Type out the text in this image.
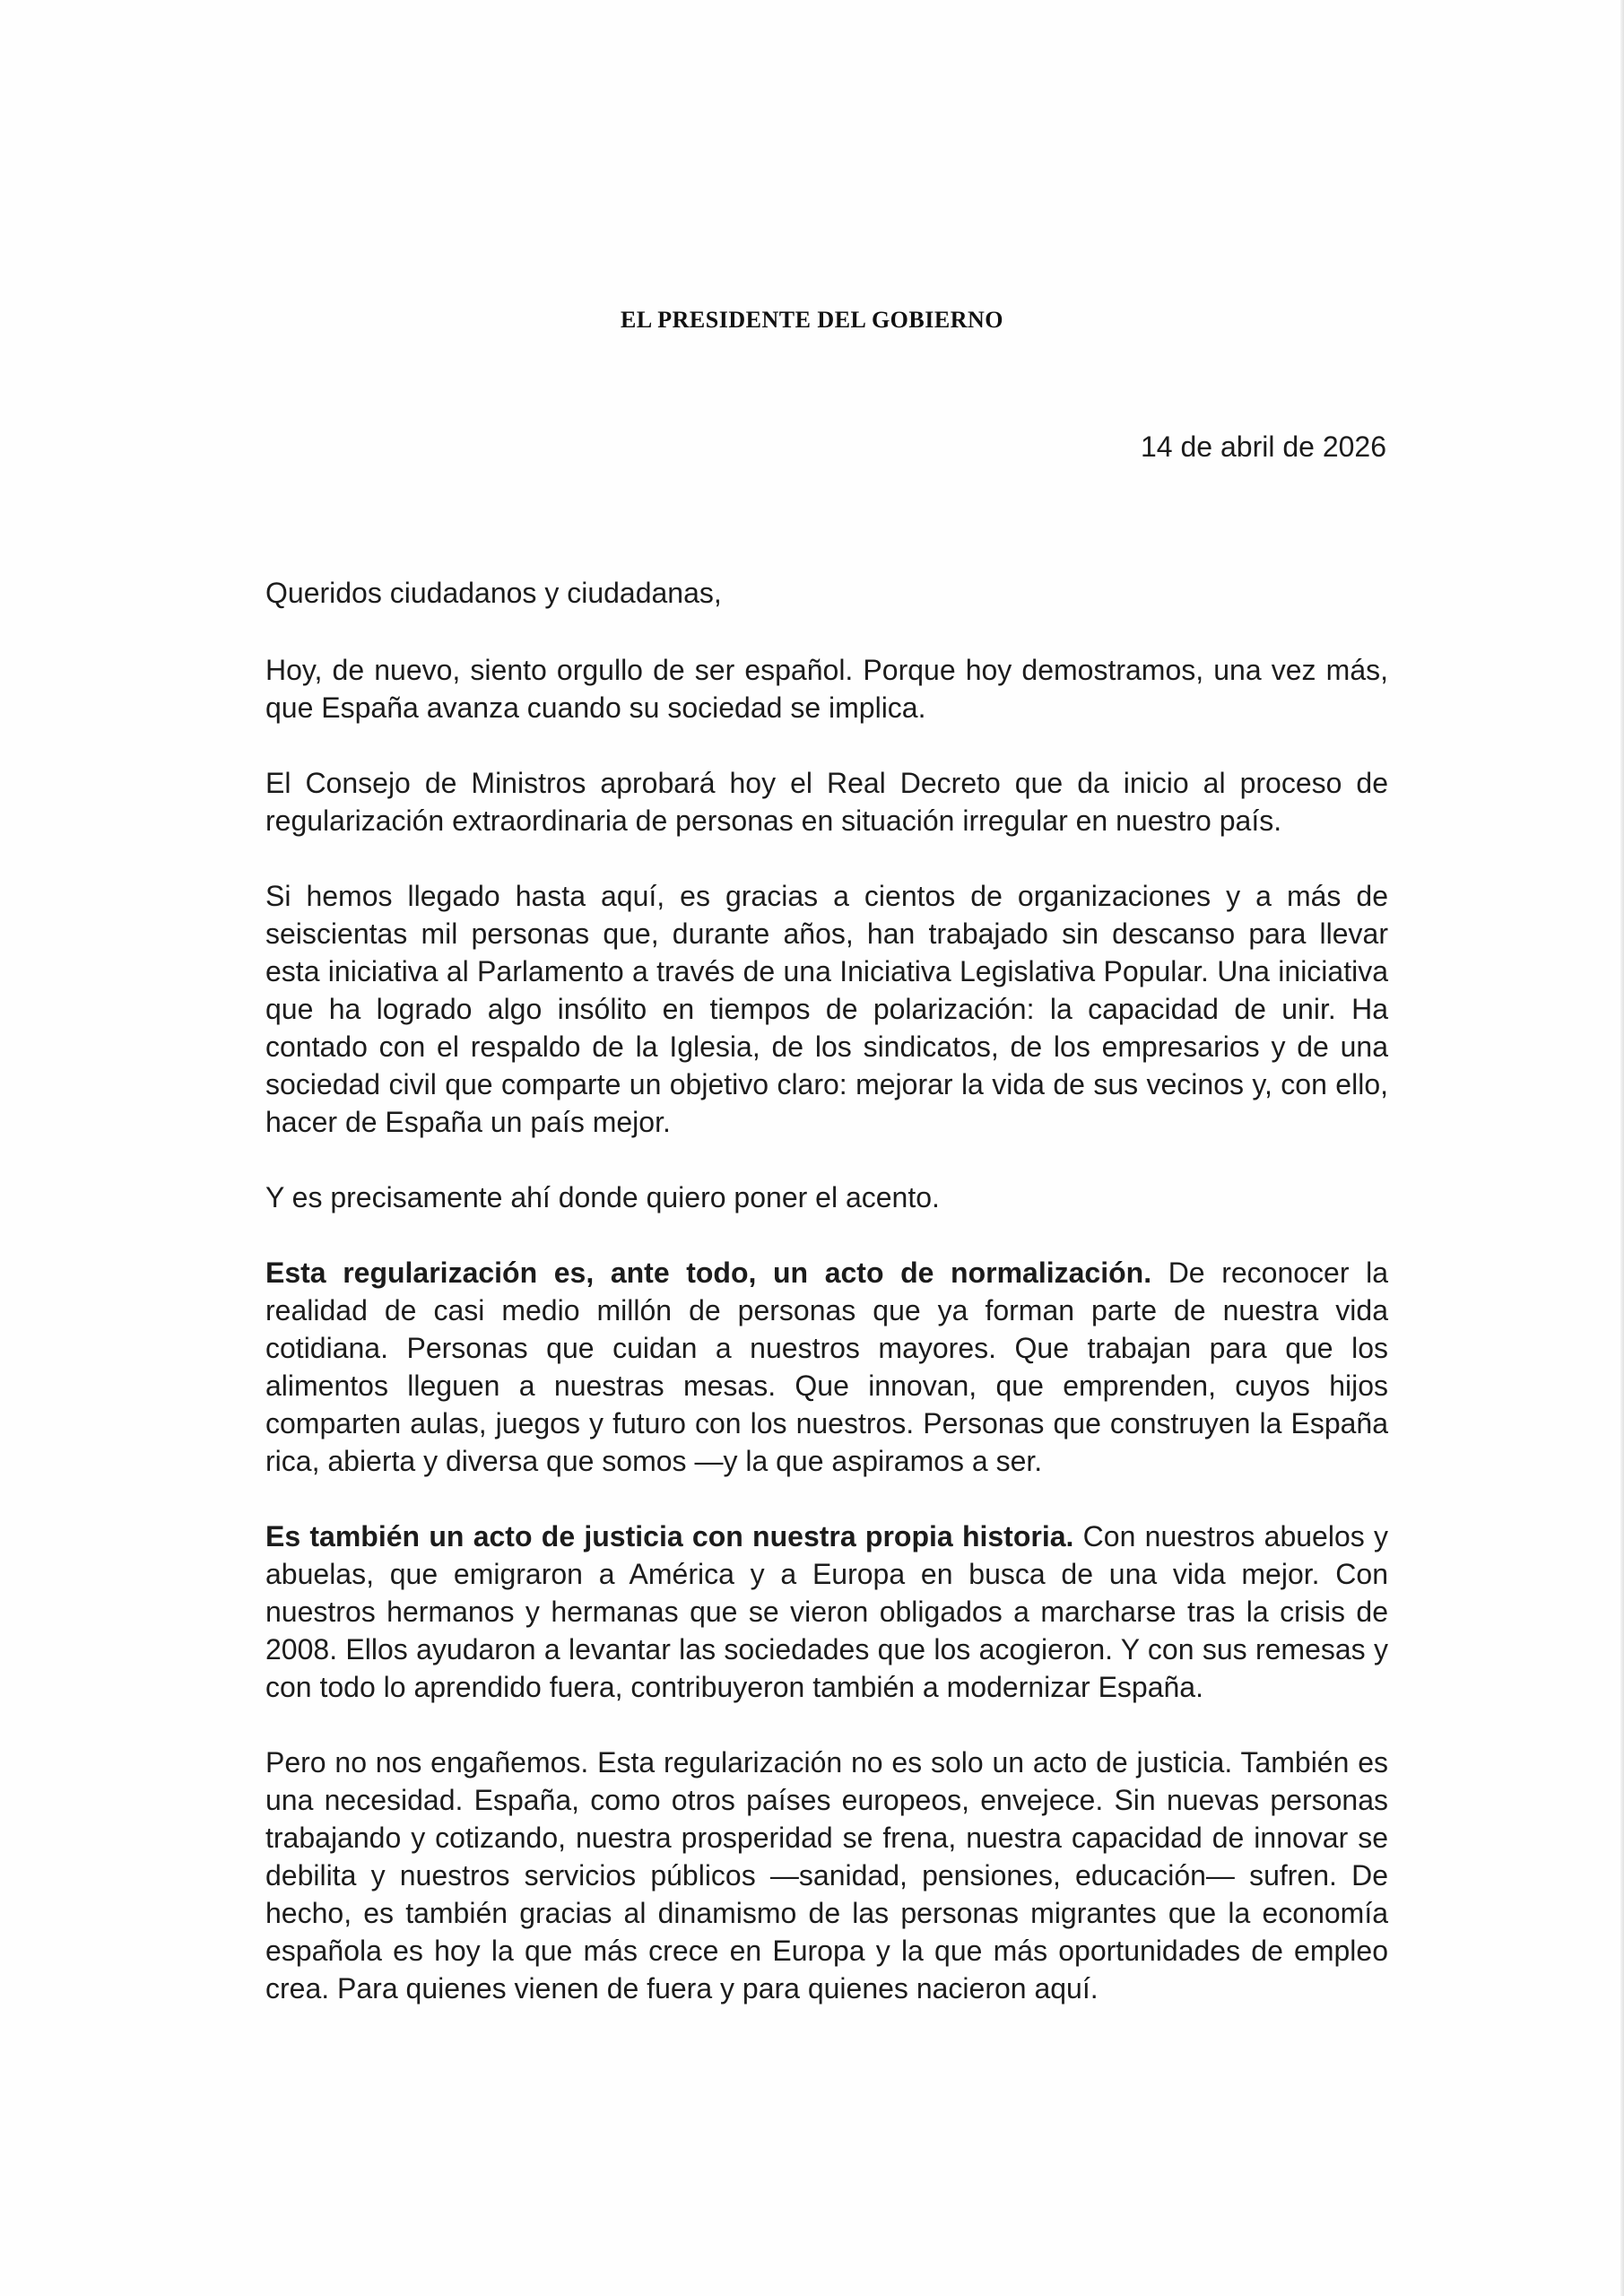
EL PRESIDENTE DEL GOBIERNO
14 de abril de 2026

Queridos ciudadanos y ciudadanas,

Hoy, de nuevo, siento orgullo de ser español. Porque hoy demostramos, una vez más, que España avanza cuando su sociedad se implica.

El Consejo de Ministros aprobará hoy el Real Decreto que da inicio al proceso de regularización extraordinaria de personas en situación irregular en nuestro país.

Si hemos llegado hasta aquí, es gracias a cientos de organizaciones y a más de seiscientas mil personas que, durante años, han trabajado sin descanso para llevar esta iniciativa al Parlamento a través de una Iniciativa Legislativa Popular. Una iniciativa que ha logrado algo insólito en tiempos de polarización: la capacidad de unir. Ha contado con el respaldo de la Iglesia, de los sindicatos, de los empresarios y de una sociedad civil que comparte un objetivo claro: mejorar la vida de sus vecinos y, con ello, hacer de España un país mejor.

Y es precisamente ahí donde quiero poner el acento.

Esta regularización es, ante todo, un acto de normalización. De reconocer la realidad de casi medio millón de personas que ya forman parte de nuestra vida cotidiana. Personas que cuidan a nuestros mayores. Que trabajan para que los alimentos lleguen a nuestras mesas. Que innovan, que emprenden, cuyos hijos comparten aulas, juegos y futuro con los nuestros. Personas que construyen la España rica, abierta y diversa que somos —y la que aspiramos a ser.

Es también un acto de justicia con nuestra propia historia. Con nuestros abuelos y abuelas, que emigraron a América y a Europa en busca de una vida mejor. Con nuestros hermanos y hermanas que se vieron obligados a marcharse tras la crisis de 2008. Ellos ayudaron a levantar las sociedades que los acogieron. Y con sus remesas y con todo lo aprendido fuera, contribuyeron también a modernizar España.

Pero no nos engañemos. Esta regularización no es solo un acto de justicia. También es una necesidad. España, como otros países europeos, envejece. Sin nuevas personas trabajando y cotizando, nuestra prosperidad se frena, nuestra capacidad de innovar se debilita y nuestros servicios públicos —sanidad, pensiones, educación— sufren. De hecho, es también gracias al dinamismo de las personas migrantes que la economía española es hoy la que más crece en Europa y la que más oportunidades de empleo crea. Para quienes vienen de fuera y para quienes nacieron aquí.
